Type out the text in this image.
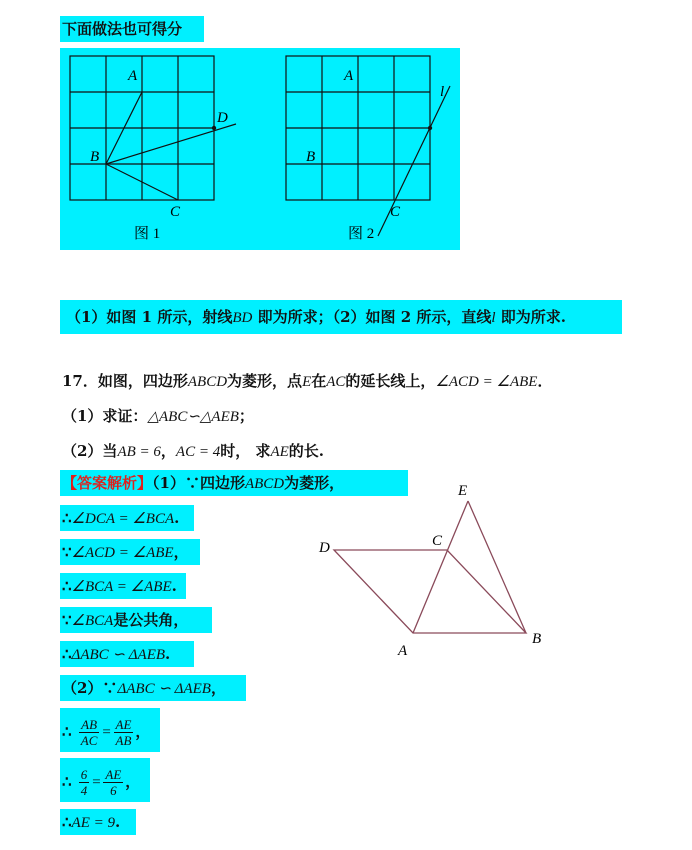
下面做法也可得分
A
B
C
D
图 1
A
B
C
l
图 2
（1）如图 1 所示，射线BD 即为所求；（2）如图 2 所示，直线l 即为所求.
17．如图，四边形ABCD为菱形，点E在AC的延长线上，∠ACD = ∠ABE．
（1）求证：△ABC∽△AEB；
（2）当AB = 6，AC = 4时， 求AE的长.
【答案解析】（1）∵四边形ABCD为菱形，
∴∠DCA = ∠BCA.
∵∠ACD = ∠ABE，
∴∠BCA = ∠ABE.
∵∠BCA是公共角，
∴ΔABC ∽ ΔAEB.
（2）∵ΔABC ∽ ΔAEB，
∴ $\frac{AB}{AC} = \frac{AE}{AB}$ ，
∴ $\frac{6}{4} = \frac{AE}{6}$ ，
∴AE = 9.
E
D	C
A
B
